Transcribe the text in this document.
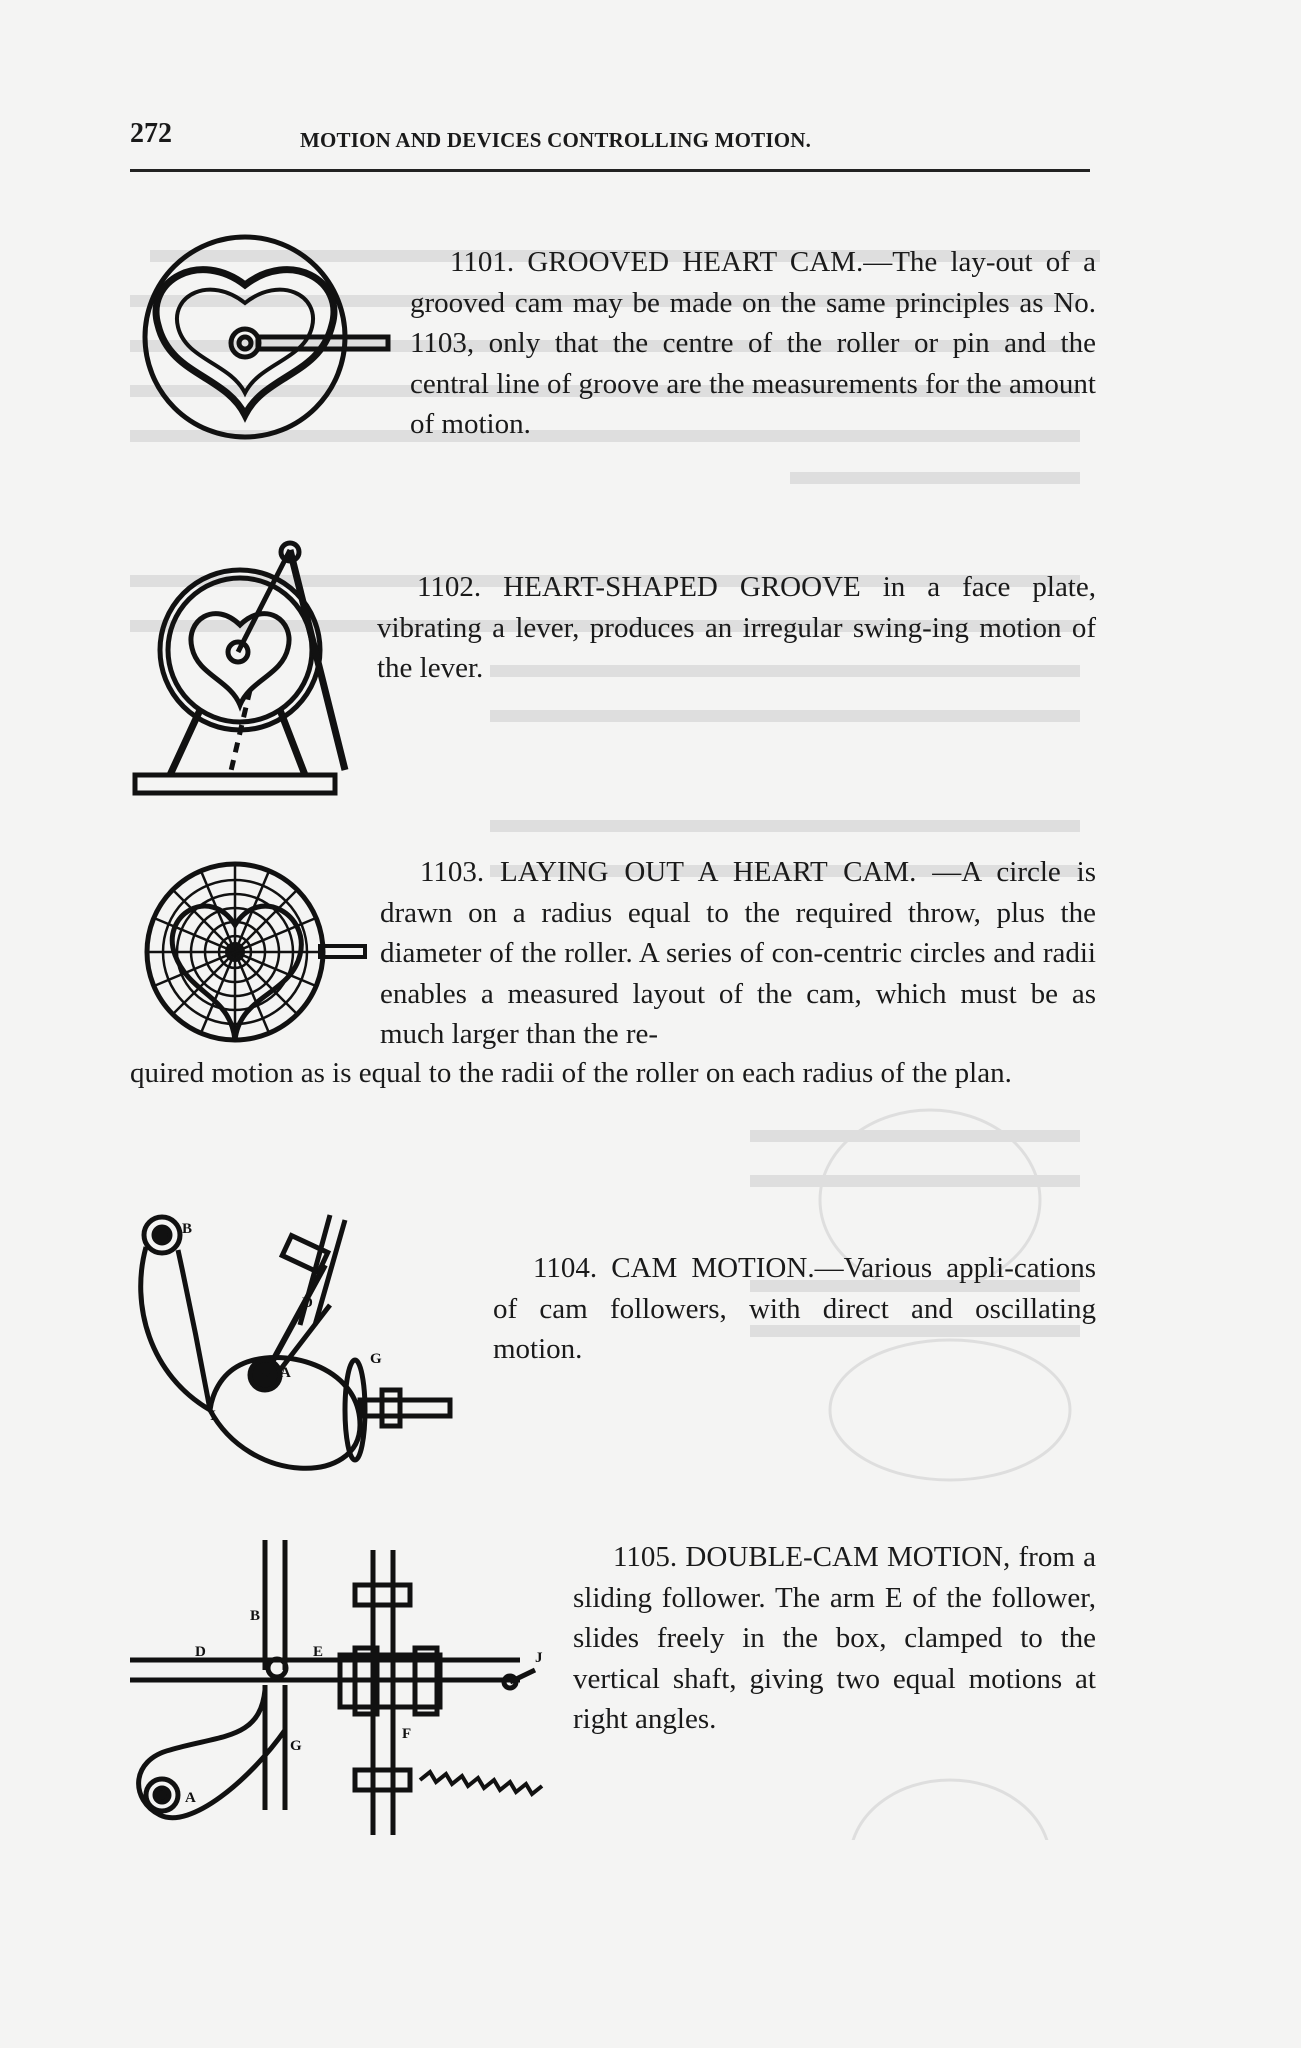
272	MOTION AND DEVICES CONTROLLING MOTION.

1101. GROOVED HEART CAM.—The lay-out of a grooved cam may be made on the same principles as No. 1103, only that the centre of the roller or pin and the central line of groove are the measurements for the amount of motion.

1102. HEART-SHAPED GROOVE in a face plate, vibrating a lever, produces an irregular swing-ing motion of the lever.

1103. LAYING OUT A HEART CAM. —A circle is drawn on a radius equal to the required throw, plus the diameter of the roller. A series of con-centric circles and radii enables a measured layout of the cam, which must be as much larger than the re-

quired motion as is equal to the radii of the roller on each radius of the plan.

B
D
A
G
I

1104. CAM MOTION.—Various appli-cations of cam followers, with direct and oscillating motion.

B
D	E	J
F
G
A

1105. DOUBLE-CAM MOTION, from a sliding follower. The arm E of the follower, slides freely in the box, clamped to the vertical shaft, giving two equal motions at right angles.
